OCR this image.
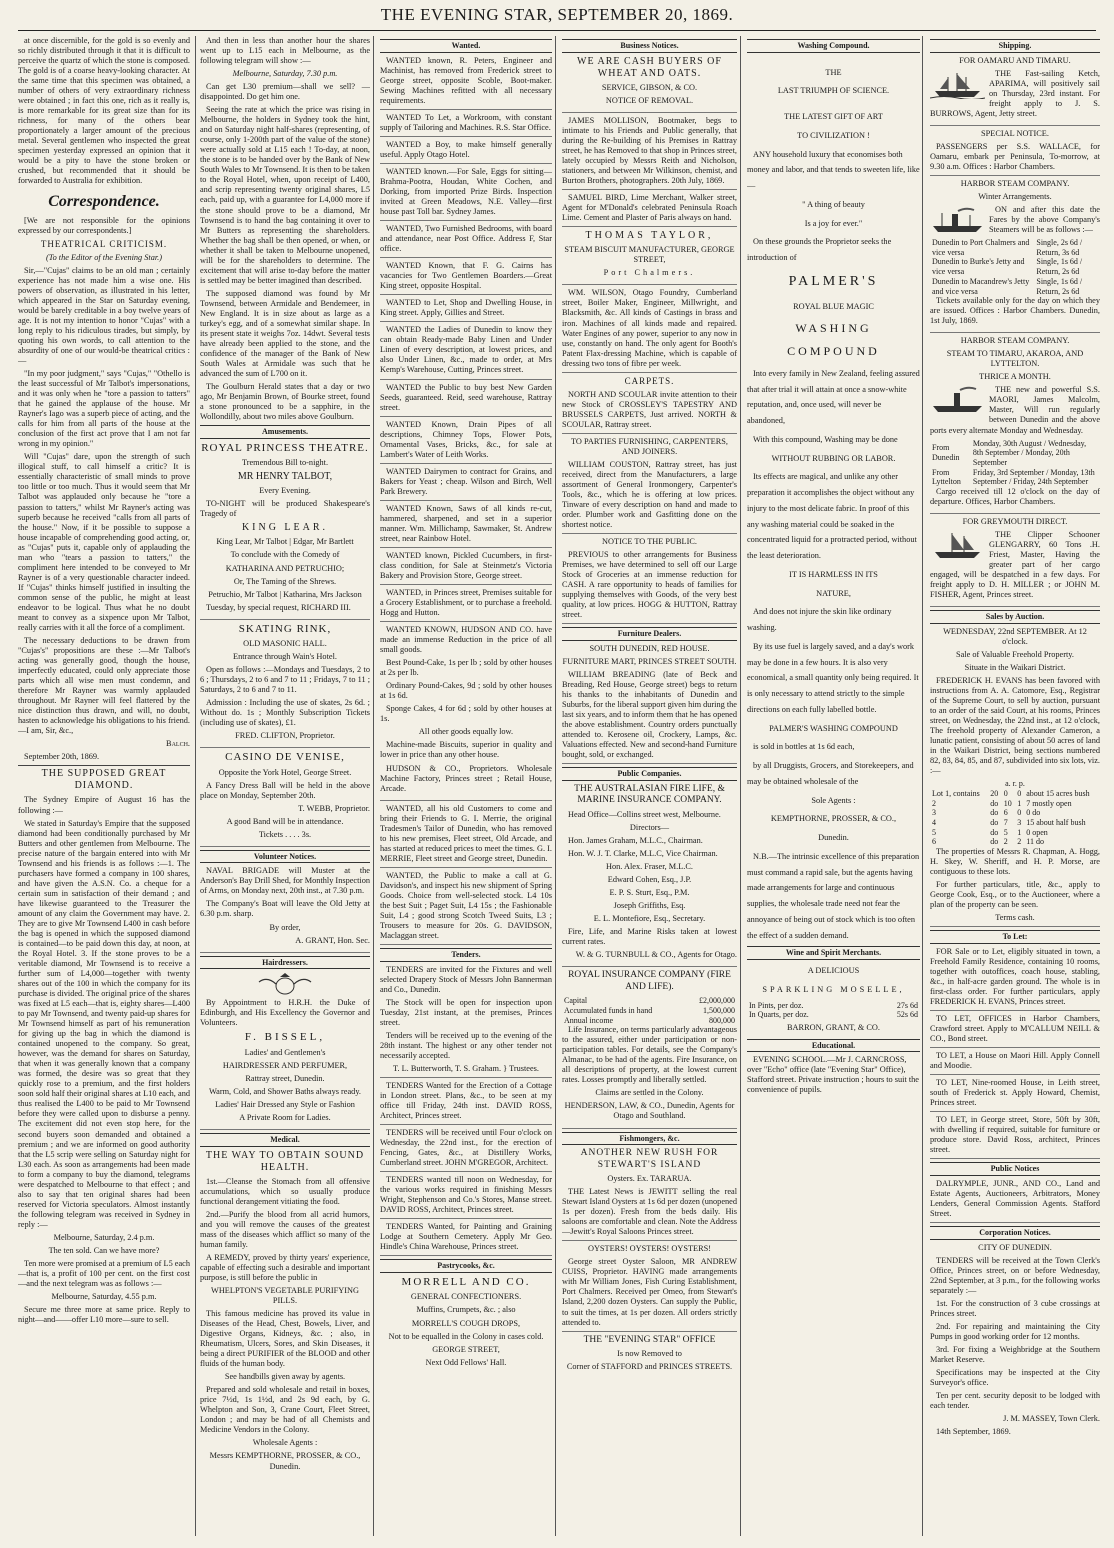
THE EVENING STAR, SEPTEMBER 20, 1869.

at once discernible, for the gold is so evenly and so richly distributed through it that it is difficult to perceive the quartz of which the stone is composed. The gold is of a coarse heavy-looking character. At the same time that this specimen was obtained, a number of others of very extraordinary richness were obtained ; in fact this one, rich as it really is, is more remarkable for its great size than for its richness, for many of the others bear proportionately a larger amount of the precious metal. Several gentlemen who inspected the great specimen yesterday expressed an opinion that it would be a pity to have the stone broken or crushed, but recommended that it should be forwarded to Australia for exhibition.

Correspondence.

[We are not responsible for the opinions expressed by our correspondents.]

THEATRICAL CRITICISM.

(To the Editor of the Evening Star.)

Sir,—"Cujas" claims to be an old man ; certainly experience has not made him a wise one. His powers of observation, as illustrated in his letter, which appeared in the Star on Saturday evening, would be barely creditable in a boy twelve years of age. It is not my intention to honor "Cujas" with a long reply to his ridiculous tirades, but simply, by quoting his own words, to call attention to the absurdity of one of our would-be theatrical critics :—

"In my poor judgment," says "Cujas," "Othello is the least successful of Mr Talbot's impersonations, and it was only when he "tore a passion to tatters" that he gained the applause of the house. Mr Rayner's Iago was a superb piece of acting, and the calls for him from all parts of the house at the conclusion of the first act prove that I am not far wrong in my opinion."

Will "Cujas" dare, upon the strength of such illogical stuff, to call himself a critic? It is essentially characteristic of small minds to prove too little or too much. Thus it would seem that Mr Talbot was applauded only because he "tore a passion to tatters," whilst Mr Rayner's acting was superb because he received "calls from all parts of the house." Now, if it be possible to suppose a house incapable of comprehending good acting, or, as "Cujas" puts it, capable only of applauding the man who "tears a passion to tatters," the compliment here intended to be conveyed to Mr Rayner is of a very questionable character indeed. If "Cujas" thinks himself justified in insulting the common sense of the public, he might at least endeavor to be logical. Thus what he no doubt meant to convey as a sixpence upon Mr Talbot, really carries with it all the force of a compliment.

The necessary deductions to be drawn from "Cujas's" propositions are these :—Mr Talbot's acting was generally good, though the house, imperfectly educated, could only appreciate those parts which all wise men must condemn, and therefore Mr Rayner was warmly applauded throughout. Mr Rayner will feel flattered by the nice distinction thus drawn, and will, no doubt, hasten to acknowledge his obligations to his friend.—I am, Sir, &c.,

Balch.

September 20th, 1869.

THE SUPPOSED GREAT DIAMOND.

The Sydney Empire of August 16 has the following :—

We stated in Saturday's Empire that the supposed diamond had been conditionally purchased by Mr Butters and other gentlemen from Melbourne. The precise nature of the bargain entered into with Mr Townsend and his friends is as follows :—1. The purchasers have formed a company in 100 shares, and have given the A.S.N. Co. a cheque for a certain sum in satisfaction of their demand ; and have likewise guaranteed to the Treasurer the amount of any claim the Government may have. 2. They are to give Mr Townsend L400 in cash before the bag is opened in which the supposed diamond is contained—to be paid down this day, at noon, at the Royal Hotel. 3. If the stone proves to be a veritable diamond, Mr Townsend is to receive a further sum of L4,000—together with twenty shares out of the 100 in which the company for its purchase is divided. The original price of the shares was fixed at L5 each—that is, eighty shares—L400 to pay Mr Townsend, and twenty paid-up shares for Mr Townsend himself as part of his remuneration for giving up the bag in which the diamond is contained unopened to the company. So great, however, was the demand for shares on Saturday, that when it was generally known that a company was formed, the desire was so great that they quickly rose to a premium, and the first holders soon sold half their original shares at L10 each, and thus realised the L400 to be paid to Mr Townsend before they were called upon to disburse a penny. The excitement did not even stop here, for the second buyers soon demanded and obtained a premium ; and we are informed on good authority that the L5 scrip were selling on Saturday night for L30 each. As soon as arrangements had been made to form a company to buy the diamond, telegrams were despatched to Melbourne to that effect ; and also to say that ten original shares had been reserved for Victoria speculators. Almost instantly the following telegram was received in Sydney in reply :—

Melbourne, Saturday, 2.4 p.m.

The ten sold. Can we have more?

Ten more were promised at a premium of L5 each—that is, a profit of 100 per cent. on the first cost—and the next telegram was as follows :—

Melbourne, Saturday, 4.55 p.m.

Secure me three more at same price. Reply to night—and——offer L10 more—sure to sell.

And then in less than another hour the shares went up to L15 each in Melbourne, as the following telegram will show :—

Melbourne, Saturday, 7.30 p.m.

Can get L30 premium—shall we sell? —disappointed. Do get him one.

Seeing the rate at which the price was rising in Melbourne, the holders in Sydney took the hint, and on Saturday night half-shares (representing, of course, only 1-200th part of the value of the stone) were actually sold at L15 each ! To-day, at noon, the stone is to be handed over by the Bank of New South Wales to Mr Townsend. It is then to be taken to the Royal Hotel, when, upon receipt of L400, and scrip representing twenty original shares, L5 each, paid up, with a guarantee for L4,000 more if the stone should prove to be a diamond, Mr Townsend is to hand the bag containing it over to Mr Butters as representing the shareholders. Whether the bag shall be then opened, or when, or whether it shall be taken to Melbourne unopened, will be for the shareholders to determine. The excitement that will arise to-day before the matter is settled may be better imagined than described.

The supposed diamond was found by Mr Townsend, between Armidale and Bendemeer, in New England. It is in size about as large as a turkey's egg, and of a somewhat similar shape. In its present state it weighs 7oz. 14dwt. Several tests have already been applied to the stone, and the confidence of the manager of the Bank of New South Wales at Armidale was such that he advanced the sum of L700 on it.

The Goulburn Herald states that a day or two ago, Mr Benjamin Brown, of Bourke street, found a stone pronounced to be a sapphire, in the Wollondilly, about two miles above Goulburn.

Amusements.
ROYAL PRINCESS THEATRE.

Tremendous Bill to-night.

MR HENRY TALBOT,

Every Evening.

TO-NIGHT will be produced Shakespeare's Tragedy of

KING LEAR.

King Lear, Mr Talbot | Edgar, Mr Bartlett

To conclude with the Comedy of

KATHARINA AND PETRUCHIO;

Or, The Taming of the Shrews.

Petruchio, Mr Talbot | Katharina, Mrs Jackson

Tuesday, by special request, RICHARD III.

SKATING RINK,

OLD MASONIC HALL.

Entrance through Wain's Hotel.

Open as follows :—Mondays and Tuesdays, 2 to 6 ; Thursdays, 2 to 6 and 7 to 11 ; Fridays, 7 to 11 ; Saturdays, 2 to 6 and 7 to 11.

Admission : Including the use of skates, 2s 6d. ; Without do. 1s ; Monthly Subscription Tickets (including use of skates), £1.

FRED. CLIFTON, Proprietor.

CASINO DE VENISE,

Opposite the York Hotel, George Street.

A Fancy Dress Ball will be held in the above place on Monday, September 20th.

T. WEBB, Proprietor.

A good Band will be in attendance.

Tickets . . . . 3s.

Volunteer Notices.

NAVAL BRIGADE will Muster at the Anderson's Bay Drill Shed, for Monthly Inspection of Arms, on Monday next, 20th inst., at 7.30 p.m.

The Company's Boat will leave the Old Jetty at 6.30 p.m. sharp.

By order,

A. GRANT, Hon. Sec.

Hairdressers.

By Appointment to H.R.H. the Duke of Edinburgh, and His Excellency the Governor and Volunteers.

F. BISSEL,

Ladies' and Gentlemen's

HAIRDRESSER AND PERFUMER,

Rattray street, Dunedin.

Warm, Cold, and Shower Baths always ready.

Ladies' Hair Dressed any Style or Fashion

A Private Room for Ladies.

Medical.
THE WAY TO OBTAIN SOUND HEALTH.

1st.—Cleanse the Stomach from all offensive accumulations, which so usually produce functional derangement vitiating the food.

2nd.—Purify the blood from all acrid humors, and you will remove the causes of the greatest mass of the diseases which afflict so many of the human family.

A REMEDY, proved by thirty years' experience, capable of effecting such a desirable and important purpose, is still before the public in

WHELPTON'S VEGETABLE PURIFYING PILLS.

This famous medicine has proved its value in Diseases of the Head, Chest, Bowels, Liver, and Digestive Organs, Kidneys, &c. ; also, in Rheumatism, Ulcers, Sores, and Skin Diseases, it being a direct PURIFIER of the BLOOD and other fluids of the human body.

See handbills given away by agents.

Prepared and sold wholesale and retail in boxes, price 7½d, 1s 1½d, and 2s 9d each, by G. Whelpton and Son, 3, Crane Court, Fleet Street, London ; and may be had of all Chemists and Medicine Vendors in the Colony.

Wholesale Agents :

Messrs KEMPTHORNE, PROSSER, & CO., Dunedin.

Wanted.

WANTED known, R. Peters, Engineer and Machinist, has removed from Frederick street to George street, opposite Scoble, Boot-maker. Sewing Machines refitted with all necessary requirements.

WANTED To Let, a Workroom, with constant supply of Tailoring and Machines. R.S. Star Office.

WANTED a Boy, to make himself generally useful. Apply Otago Hotel.

WANTED known.—For Sale, Eggs for sitting—Brahma-Pootra, Houdan, White Cochen, and Dorking, from imported Prize Birds. Inspection invited at Green Meadows, N.E. Valley—first house past Toll bar. Sydney James.

WANTED, Two Furnished Bedrooms, with board and attendance, near Post Office. Address F, Star office.

WANTED Known, that F. G. Cairns has vacancies for Two Gentlemen Boarders.—Great King street, opposite Hospital.

WANTED to Let, Shop and Dwelling House, in King street. Apply, Gillies and Street.

WANTED the Ladies of Dunedin to know they can obtain Ready-made Baby Linen and Under Linen of every description, at lowest prices, and also Under Linen, &c., made to order, at Mrs Kemp's Warehouse, Cutting, Princes street.

WANTED the Public to buy best New Garden Seeds, guaranteed. Reid, seed warehouse, Rattray street.

WANTED Known, Drain Pipes of all descriptions, Chimney Tops, Flower Pots, Ornamental Vases, Bricks, &c., for sale at Lambert's Water of Leith Works.

WANTED Dairymen to contract for Grains, and Bakers for Yeast ; cheap. Wilson and Birch, Well Park Brewery.

WANTED Known, Saws of all kinds re-cut, hammered, sharpened, and set in a superior manner. Wm. Millichamp, Sawmaker, St. Andrew street, near Rainbow Hotel.

WANTED known, Pickled Cucumbers, in first-class condition, for Sale at Steinmetz's Victoria Bakery and Provision Store, George street.

WANTED, in Princes street, Premises suitable for a Grocery Establishment, or to purchase a freehold. Hogg and Hutton.

WANTED KNOWN, HUDSON AND CO. have made an immense Reduction in the price of all small goods.

Best Pound-Cake, 1s per lb ; sold by other houses at 2s per lb.

Ordinary Pound-Cakes, 9d ; sold by other houses at 1s 6d.

Sponge Cakes, 4 for 6d ; sold by other houses at 1s.

All other goods equally low.

Machine-made Biscuits, superior in quality and lower in price than any other house.

HUDSON & CO., Proprietors. Wholesale Machine Factory, Princes street ; Retail House, Arcade.

WANTED, all his old Customers to come and bring their Friends to G. I. Merrie, the original Tradesmen's Tailor of Dunedin, who has removed to his new premises, Fleet street, Old Arcade, and has started at reduced prices to meet the times. G. I. MERRIE, Fleet street and George street, Dunedin.

WANTED, the Public to make a call at G. Davidson's, and inspect his new shipment of Spring Goods. Choice from well-selected stock. L4 10s the best Suit ; Paget Suit, L4 15s ; the Fashionable Suit, L4 ; good strong Scotch Tweed Suits, L3 ; Trousers to measure for 20s. G. DAVIDSON, Maclaggan street.

Tenders.

TENDERS are invited for the Fixtures and well selected Drapery Stock of Messrs John Bannerman and Co., Dunedin.

The Stock will be open for inspection upon Tuesday, 21st instant, at the premises, Princes street.

Tenders will be received up to the evening of the 28th instant. The highest or any other tender not necessarily accepted.

T. L. Butterworth, T. S. Graham. } Trustees.

TENDERS Wanted for the Erection of a Cottage in London street. Plans, &c., to be seen at my office till Friday, 24th inst. DAVID ROSS, Architect, Princes street.

TENDERS will be received until Four o'clock on Wednesday, the 22nd inst., for the erection of Fencing, Gates, &c., at Distillery Works, Cumberland street. JOHN M'GREGOR, Architect.

TENDERS wanted till noon on Wednesday, for the various works required in finishing Messrs Wright, Stephenson and Co.'s Stores, Manse street. DAVID ROSS, Architect, Princes street.

TENDERS Wanted, for Painting and Graining Lodge at Southern Cemetery. Apply Mr Geo. Hindle's China Warehouse, Princes street.

Pastrycooks, &c.

MORRELL AND CO.

GENERAL CONFECTIONERS.

Muffins, Crumpets, &c. ; also

MORRELL'S COUGH DROPS,

Not to be equalled in the Colony in cases cold.

GEORGE STREET,

Next Odd Fellows' Hall.

Business Notices.

WE ARE CASH BUYERS OF WHEAT AND OATS.

SERVICE, GIBSON, & CO.

NOTICE OF REMOVAL.

JAMES MOLLISON, Bootmaker, begs to intimate to his Friends and Public generally, that during the Re-building of his Premises in Rattray street, he has Removed to that shop in Princes street, lately occupied by Messrs Reith and Nicholson, stationers, and between Mr Wilkinson, chemist, and Burton Brothers, photographers. 20th July, 1869.

SAMUEL BIRD, Lime Merchant, Walker street, Agent for M'Donald's celebrated Peninsula Roach Lime. Cement and Plaster of Paris always on hand.

THOMAS TAYLOR,

STEAM BISCUIT MANUFACTURER, GEORGE STREET,

Port Chalmers.

WM. WILSON, Otago Foundry, Cumberland street, Boiler Maker, Engineer, Millwright, and Blacksmith, &c. All kinds of Castings in brass and iron. Machines of all kinds made and repaired. Water Engines of any power, superior to any now in use, constantly on hand. The only agent for Booth's Patent Flax-dressing Machine, which is capable of dressing two tons of fibre per week.

CARPETS.

NORTH AND SCOULAR invite attention to their new Stock of CROSSLEY'S TAPESTRY AND BRUSSELS CARPETS, Just arrived. NORTH & SCOULAR, Rattray street.

TO PARTIES FURNISHING, CARPENTERS, AND JOINERS.

WILLIAM COUSTON, Rattray street, has just received, direct from the Manufacturers, a large assortment of General Ironmongery, Carpenter's Tools, &c., which he is offering at low prices. Tinware of every description on hand and made to order. Plumber work and Gasfitting done on the shortest notice.

NOTICE TO THE PUBLIC.

PREVIOUS to other arrangements for Business Premises, we have determined to sell off our Large Stock of Groceries at an immense reduction for CASH. A rare opportunity to heads of families for supplying themselves with Goods, of the very best quality, at low prices. HOGG & HUTTON, Rattray street.

Furniture Dealers.

SOUTH DUNEDIN, RED HOUSE.

FURNITURE MART, PRINCES STREET SOUTH.

WILLIAM BREADING (late of Beck and Breading, Red House, George street) begs to return his thanks to the inhabitants of Dunedin and Suburbs, for the liberal support given him during the last six years, and to inform them that he has opened the above establishment. Country orders punctually attended to. Kerosene oil, Crockery, Lamps, &c. Valuations effected. New and second-hand Furniture bought, sold, or exchanged.

Public Companies.

THE AUSTRALASIAN FIRE LIFE, & MARINE INSURANCE COMPANY.

Head Office—Collins street west, Melbourne.

Directors—

Hon. James Graham, M.L.C., Chairman.

Hon. W. J. T. Clarke, M.L.C, Vice Chairman.

Hon. Alex. Fraser, M.L.C.

Edward Cohen, Esq., J.P.

E. P. S. Sturt, Esq., P.M.

Joseph Griffiths, Esq.

E. L. Montefiore, Esq., Secretary.

Fire, Life, and Marine Risks taken at lowest current rates.

W. & G. TURNBULL & CO., Agents for Otago.

ROYAL INSURANCE COMPANY (FIRE AND LIFE).

Capital	£2,000,000
Accumulated funds in hand	1,500,000
Annual income	800,000

Life Insurance, on terms particularly advantageous to the assured, either under participation or non-participation tables. For details, see the Company's Almanac, to be had of the agents. Fire Insurance, on all descriptions of property, at the lowest current rates. Losses promptly and liberally settled.

Claims are settled in the Colony.

HENDERSON, LAW, & CO., Dunedin, Agents for Otago and Southland.

Fishmongers, &c.

ANOTHER NEW RUSH FOR STEWART'S ISLAND

Oysters. Ex. TARARUA.

THE Latest News is JEWITT selling the real Stewart Island Oysters at 1s 6d per dozen (unopened 1s per dozen). Fresh from the beds daily. His saloons are comfortable and clean. Note the Address—Jewitt's Royal Saloons Princes street.

OYSTERS! OYSTERS! OYSTERS!

George street Oyster Saloon, MR ANDREW CUISS, Proprietor. HAVING made arrangements with Mr William Jones, Fish Curing Establishment, Port Chalmers. Received per Omeo, from Stewart's Island, 2,200 dozen Oysters. Can supply the Public, to suit the times, at 1s per dozen. All orders strictly attended to.

THE "EVENING STAR" OFFICE

Is now Removed to

Corner of STAFFORD and PRINCES STREETS.

Washing Compound.

THE

LAST TRIUMPH OF SCIENCE.

THE LATEST GIFT OF ART

TO CIVILIZATION !

ANY household luxury that economises both money and labor, and that tends to sweeten life, like—

" A thing of beauty

Is a joy for ever."

On these grounds the Proprietor seeks the introduction of

PALMER'S

ROYAL BLUE MAGIC

WASHING COMPOUND

Into every family in New Zealand, feeling assured that after trial it will attain at once a snow-white reputation, and, once used, will never be abandoned,

With this compound, Washing may be done

WITHOUT RUBBING OR LABOR.

Its effects are magical, and unlike any other preparation it accomplishes the object without any injury to the most delicate fabric. In proof of this any washing material could be soaked in the concentrated liquid for a protracted period, without the least deterioration.

IT IS HARMLESS IN ITS

NATURE,

And does not injure the skin like ordinary washing.

By its use fuel is largely saved, and a day's work may be done in a few hours. It is also very economical, a small quantity only being required. It is only necessary to attend strictly to the simple directions on each fully labelled bottle.

PALMER'S WASHING COMPOUND

is sold in bottles at 1s 6d each,

by all Druggists, Grocers, and Storekeepers, and may be obtained wholesale of the

Sole Agents :

KEMPTHORNE, PROSSER, & CO.,

Dunedin.

N.B.—The intrinsic excellence of this preparation must command a rapid sale, but the agents having made arrangements for large and continuous supplies, the wholesale trade need not fear the annoyance of being out of stock which is too often the effect of a sudden demand.

Wine and Spirit Merchants.

A DELICIOUS

SPARKLING MOSELLE,

In Pints, per doz.	27s 6d
In Quarts, per doz.	52s 6d

BARRON, GRANT, & CO.

Educational.

EVENING SCHOOL.—Mr J. CARNCROSS, over "Echo" office (late "Evening Star" Office), Stafford street. Private instruction ; hours to suit the convenience of pupils.

Shipping.

FOR OAMARU AND TIMARU.

THE Fast-sailing Ketch, APARIMA, will positively sail on Thursday, 23rd instant. For freight apply to J. S. BURROWS, Agent, Jetty street.

SPECIAL NOTICE.

PASSENGERS per S.S. WALLACE, for Oamaru, embark per Peninsula, To-morrow, at 9.30 a.m. Offices : Harbor Chambers.

HARBOR STEAM COMPANY.

Winter Arrangements.

ON and after this date the Fares by the above Company's Steamers will be as follows :—

Dunedin to Port Chalmers and vice versa	Single, 2s 6d / Return, 3s 6d
Dunedin to Burke's Jetty and vice versa	Single, 1s 6d / Return, 2s 6d
Dunedin to Macandrew's Jetty and vice versa	Single, 1s 6d / Return, 2s 6d

Tickets available only for the day on which they are issued. Offices : Harbor Chambers. Dunedin, 1st July, 1869.

HARBOR STEAM COMPANY.

STEAM TO TIMARU, AKAROA, AND LYTTELTON.

THRICE A MONTH.

THE new and powerful S.S. MAORI, James Malcolm, Master, Will run regularly between Dunedin and the above ports every alternate Monday and Wednesday.

From Dunedin	Monday, 30th August / Wednesday, 8th September / Monday, 20th September
From Lyttelton	Friday, 3rd September / Monday, 13th September / Friday, 24th September

Cargo received till 12 o'clock on the day of departure. Offices, Harbor Chambers.

FOR GREYMOUTH DIRECT.

THE Clipper Schooner GLENGARRY, 60 Tons .H. Friest, Master, Having the greater part of her cargo engaged, will be despatched in a few days. For freight apply to D. H. MILLER ; or JOHN M. FISHER, Agent, Princes street.

Sales by Auction.

WEDNESDAY, 22nd SEPTEMBER. At 12 o'clock.

Sale of Valuable Freehold Property.

Situate in the Waikari District.

FREDERICK H. EVANS has been favored with instructions from A. A. Catomore, Esq., Registrar of the Supreme Court, to sell by auction, pursuant to an order of the said Court, at his rooms, Princes street, on Wednesday, the 22nd inst., at 12 o'clock, The freehold property of Alexander Cameron, a lunatic patient, consisting of about 50 acres of land in the Waikari District, being sections numbered 82, 83, 84, 85, and 87, subdivided into six lots, viz. :—

a. r. p.				
Lot 1, contains	20	0	0	about 15 acres bush
2	do	10	1	7 mostly open
3	do	6	0	0 do
4	do	7	3	15 about half bush
5	do	5	1	0 open
6	do	2	2	11 do

The properties of Messrs R. Chapman, A. Hogg, H. Skey, W. Sheriff, and H. P. Morse, are contiguous to these lots.

For further particulars, title, &c., apply to George Cook, Esq., or to the Auctioneer, where a plan of the property can be seen.

Terms cash.

To Let:

FOR Sale or to Let, eligibly situated in town, a Freehold Family Residence, containing 10 rooms, together with outoffices, coach house, stabling, &c., in half-acre garden ground. The whole is in first-class order. For further particulars, apply FREDERICK H. EVANS, Princes street.

TO LET, OFFICES in Harbor Chambers, Crawford street. Apply to M'CALLUM NEILL & CO., Bond street.

TO LET, a House on Maori Hill. Apply Connell and Moodie.

TO LET, Nine-roomed House, in Leith street, south of Frederick st. Apply Howard, Chemist, Princes street.

TO LET, in George street, Store, 50ft by 30ft, with dwelling if required, suitable for furniture or produce store. David Ross, architect, Princes street.

Public Notices

DALRYMPLE, JUNR., AND CO., Land and Estate Agents, Auctioneers, Arbitrators, Money Lenders, General Commission Agents. Stafford Street.

Corporation Notices.

CITY OF DUNEDIN.

TENDERS will be received at the Town Clerk's Office, Princes street, on or before Wednesday, 22nd September, at 3 p.m., for the following works separately :—

1st. For the construction of 3 cube crossings at Princes street.

2nd. For repairing and maintaining the City Pumps in good working order for 12 months.

3rd. For fixing a Weighbridge at the Southern Market Reserve.

Specifications may be inspected at the City Surveyor's office.

Ten per cent. security deposit to be lodged with each tender.

J. M. MASSEY, Town Clerk.

14th September, 1869.
